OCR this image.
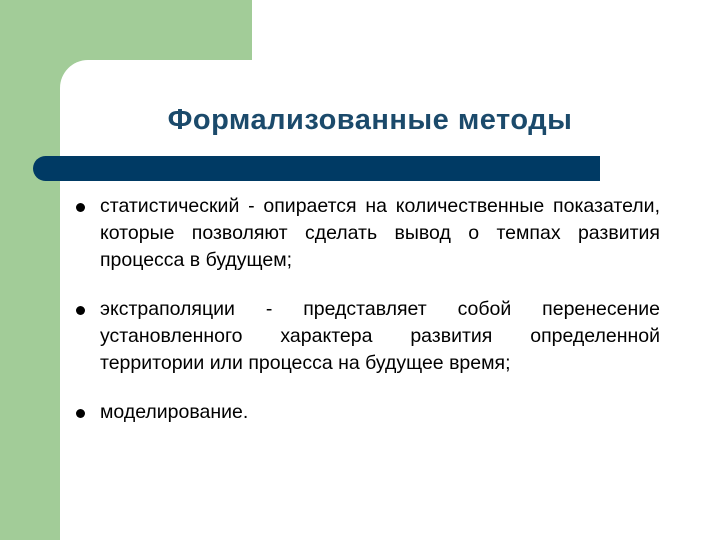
Формализованные методы
статистический - опирается на количественные показатели, которые позволяют сделать вывод о темпах развития процесса в будущем;
экстраполяции - представляет собой перенесение установленного характера развития определенной территории или процесса на будущее время;
моделирование.
